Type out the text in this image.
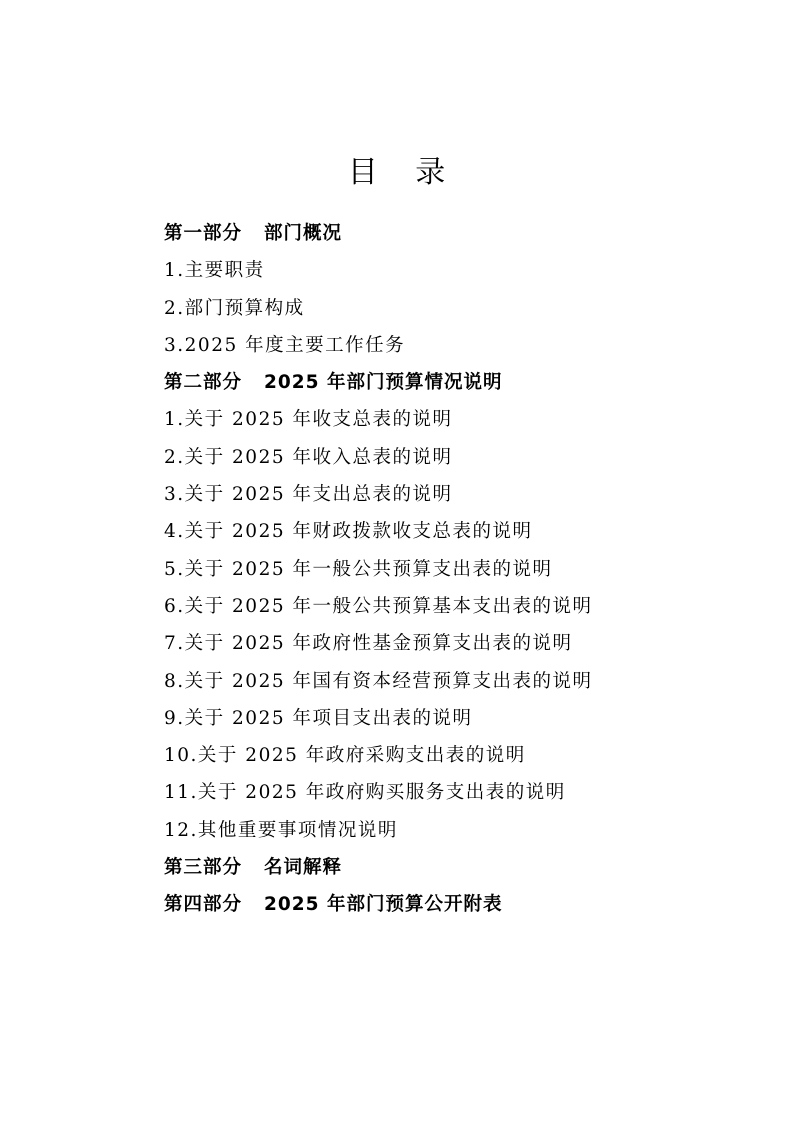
目 录
第一部分 部门概况
1.主要职责
2.部门预算构成
3.2025 年度主要工作任务
第二部分 2025 年部门预算情况说明
1.关于 2025 年收支总表的说明
2.关于 2025 年收入总表的说明
3.关于 2025 年支出总表的说明
4.关于 2025 年财政拨款收支总表的说明
5.关于 2025 年一般公共预算支出表的说明
6.关于 2025 年一般公共预算基本支出表的说明
7.关于 2025 年政府性基金预算支出表的说明
8.关于 2025 年国有资本经营预算支出表的说明
9.关于 2025 年项目支出表的说明
10.关于 2025 年政府采购支出表的说明
11.关于 2025 年政府购买服务支出表的说明
12.其他重要事项情况说明
第三部分 名词解释
第四部分 2025 年部门预算公开附表
